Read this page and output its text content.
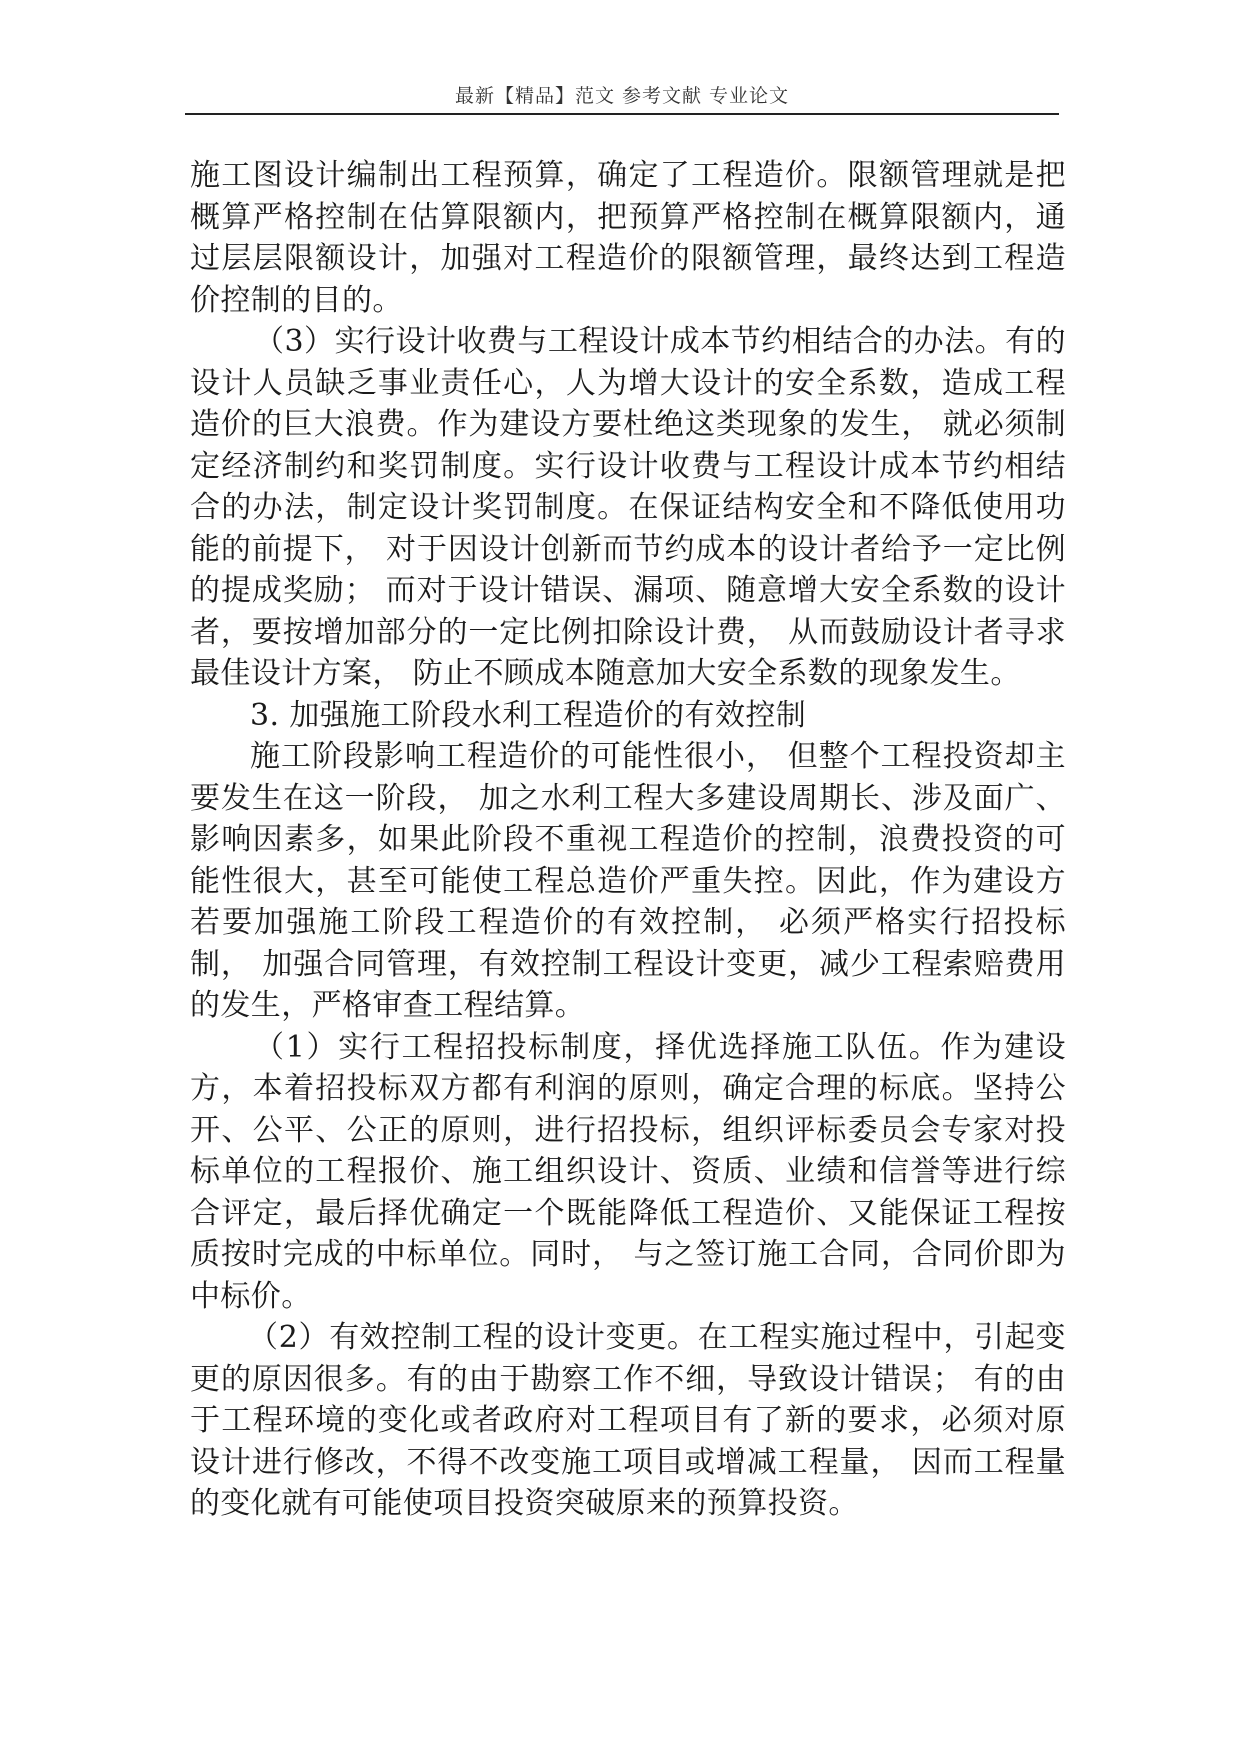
最新【精品】范文 参考文献 专业论文

施工图设计编制出工程预算，确定了工程造价。限额管理就是把概算严格控制在估算限额内，把预算严格控制在概算限额内，通过层层限额设计，加强对工程造价的限额管理，最终达到工程造价控制的目的。

（3）实行设计收费与工程设计成本节约相结合的办法。有的设计人员缺乏事业责任心，人为增大设计的安全系数，造成工程造价的巨大浪费。作为建设方要杜绝这类现象的发生， 就必须制定经济制约和奖罚制度。实行设计收费与工程设计成本节约相结合的办法，制定设计奖罚制度。在保证结构安全和不降低使用功能的前提下， 对于因设计创新而节约成本的设计者给予一定比例的提成奖励； 而对于设计错误、漏项、随意增大安全系数的设计者，要按增加部分的一定比例扣除设计费， 从而鼓励设计者寻求最佳设计方案， 防止不顾成本随意加大安全系数的现象发生。

3. 加强施工阶段水利工程造价的有效控制

施工阶段影响工程造价的可能性很小， 但整个工程投资却主要发生在这一阶段， 加之水利工程大多建设周期长、涉及面广、影响因素多，如果此阶段不重视工程造价的控制，浪费投资的可能性很大，甚至可能使工程总造价严重失控。因此，作为建设方若要加强施工阶段工程造价的有效控制， 必须严格实行招投标制， 加强合同管理，有效控制工程设计变更，减少工程索赔费用的发生，严格审查工程结算。

（1）实行工程招投标制度，择优选择施工队伍。作为建设方，本着招投标双方都有利润的原则，确定合理的标底。坚持公开、公平、公正的原则，进行招投标，组织评标委员会专家对投标单位的工程报价、施工组织设计、资质、业绩和信誉等进行综合评定，最后择优确定一个既能降低工程造价、又能保证工程按质按时完成的中标单位。同时， 与之签订施工合同，合同价即为中标价。

（2）有效控制工程的设计变更。在工程实施过程中，引起变更的原因很多。有的由于勘察工作不细，导致设计错误； 有的由于工程环境的变化或者政府对工程项目有了新的要求，必须对原设计进行修改，不得不改变施工项目或增减工程量， 因而工程量的变化就有可能使项目投资突破原来的预算投资。
